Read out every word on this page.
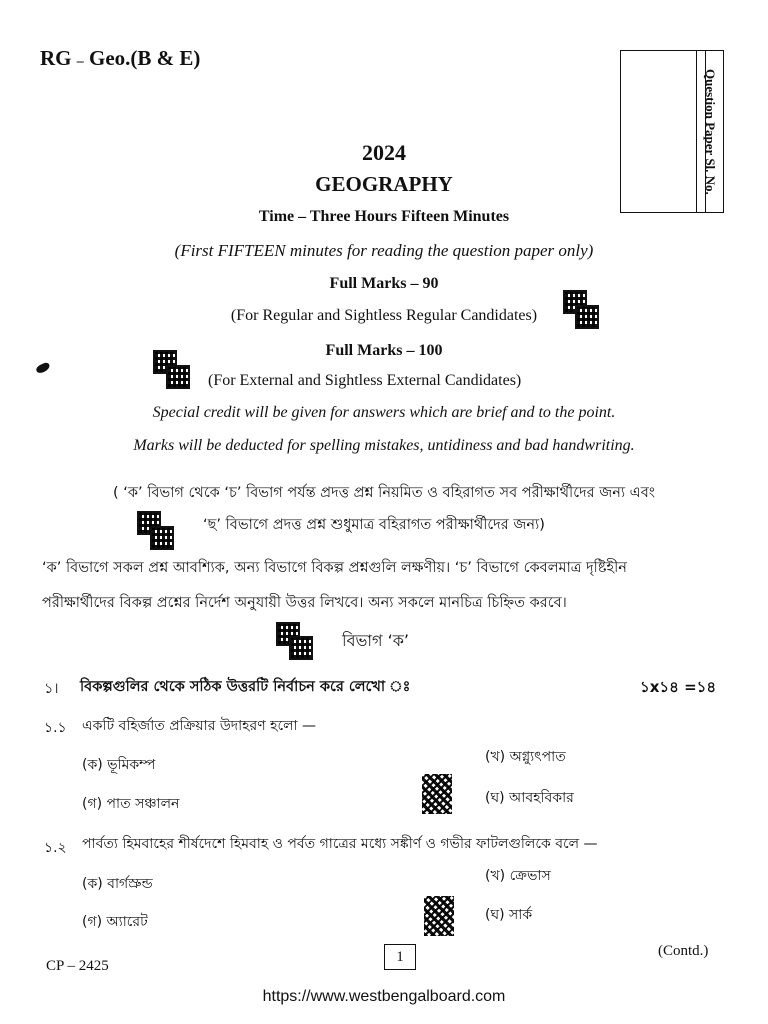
RG – Geo.(B & E)
Question Paper Sl. No.
2024
GEOGRAPHY
Time – Three Hours Fifteen Minutes
(First FIFTEEN minutes for reading the question paper only)
Full Marks – 90
(For Regular and Sightless Regular Candidates)
Full Marks – 100
(For External and Sightless External Candidates)
Special credit will be given for answers which are brief and to the point.
Marks will be deducted for spelling mistakes, untidiness and bad handwriting.
( ‘ক’ বিভাগ থেকে ‘চ’ বিভাগ পর্যন্ত প্রদত্ত প্রশ্ন নিয়মিত ও বহিরাগত সব পরীক্ষার্থীদের জন্য এবং
‘ছ’ বিভাগে প্রদত্ত প্রশ্ন শুধুমাত্র বহিরাগত পরীক্ষার্থীদের জন্য)
‘ক’ বিভাগে সকল প্রশ্ন আবশ্যিক, অন্য বিভাগে বিকল্প প্রশ্নগুলি লক্ষণীয়। ‘চ’ বিভাগে কেবলমাত্র দৃষ্টিহীন
পরীক্ষার্থীদের বিকল্প প্রশ্নের নির্দেশ অনুযায়ী উত্তর লিখবে। অন্য সকলে মানচিত্র চিহ্নিত করবে।
বিভাগ ‘ক’
১। বিকল্পগুলির থেকে সঠিক উত্তরটি নির্বাচন করে লেখো ঃ	১x১৪ =১৪
১.১ একটি বহির্জাত প্রক্রিয়ার উদাহরণ হলো —
(ক) ভূমিকম্প	(খ) অগ্ন্যুৎপাত
(গ) পাত সঞ্চালন	(ঘ) আবহবিকার
১.২ পার্বত্য হিমবাহের শীর্ষদেশে হিমবাহ ও পর্বত গাত্রের মধ্যে সঙ্কীর্ণ ও গভীর ফাটলগুলিকে বলে —
(ক) বার্গস্রুন্ড	(খ) ক্রেভাস
(গ) অ্যারেট	(ঘ) সার্ক
CP – 2425
1	(Contd.)
https://www.westbengalboard.com
